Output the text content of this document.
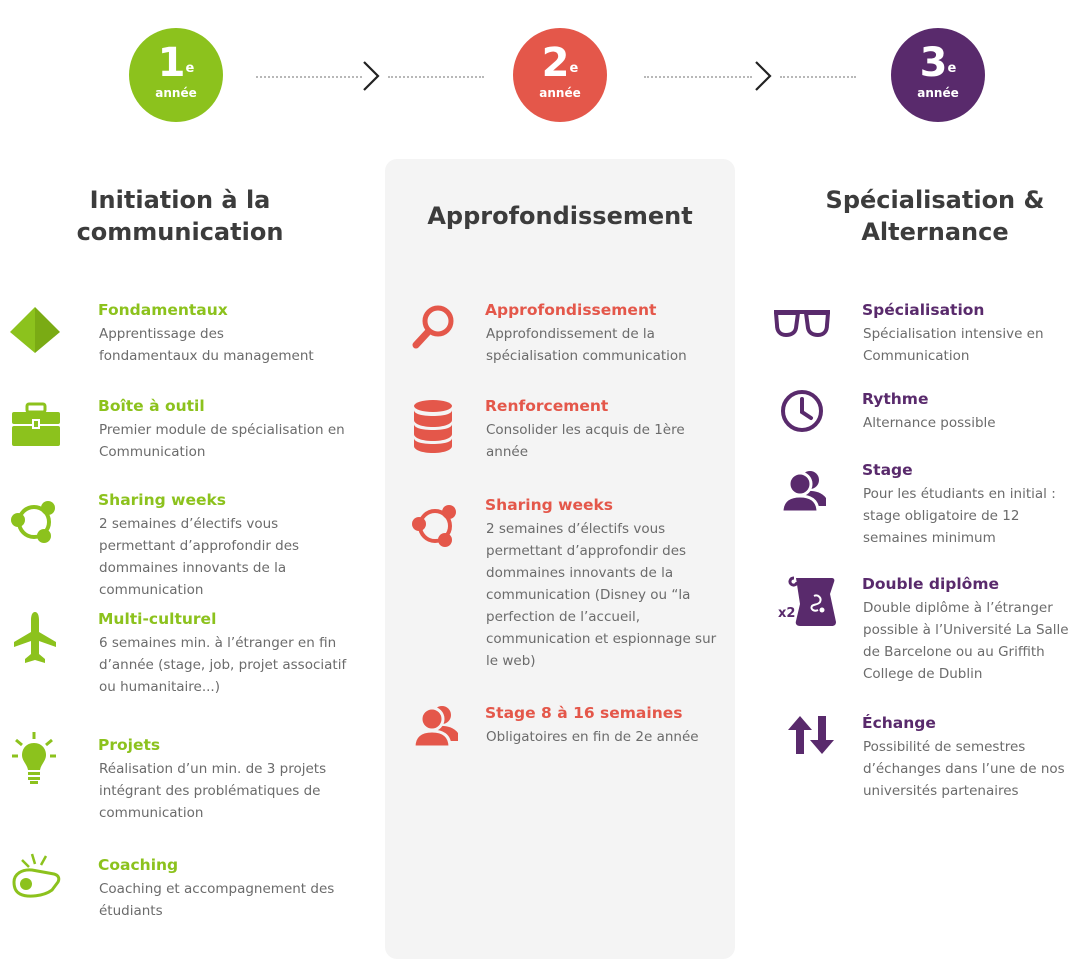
1e
année
2e
année
3e
année
Initiation à la communication
Approfondissement
Spécialisation & Alternance
Fondamentaux

Apprentissage des fondamentaux du management

Boîte à outil

Premier module de spécialisation en Communication

Sharing weeks

2 semaines d’électifs vous permettant d’approfondir des dommaines innovants de la communication

Multi-culturel

6 semaines min. à l’étranger en fin d’année (stage, job, projet associatif ou humanitaire...)

Projets

Réalisation d’un min. de 3 projets intégrant des problématiques de communication

Coaching

Coaching et accompagnement des étudiants

Approfondissement

Approfondissement de la spécialisation communication

Renforcement

Consolider les acquis de 1ère année

Sharing weeks

2 semaines d’électifs vous permettant d’approfondir des dommaines innovants de la communication (Disney ou “la perfection de l’accueil, communication et espionnage sur le web)

Stage 8 à 16 semaines

Obligatoires en fin de 2e année

Spécialisation

Spécialisation intensive en Communication

Rythme

Alternance possible

Stage

Pour les étudiants en initial : stage obligatoire de 12 semaines minimum

Double diplôme

Double diplôme à l’étranger possible à l’Université La Salle de Barcelone ou au Griffith College de Dublin

x2
Échange

Possibilité de semestres d’échanges dans l’une de nos universités partenaires
